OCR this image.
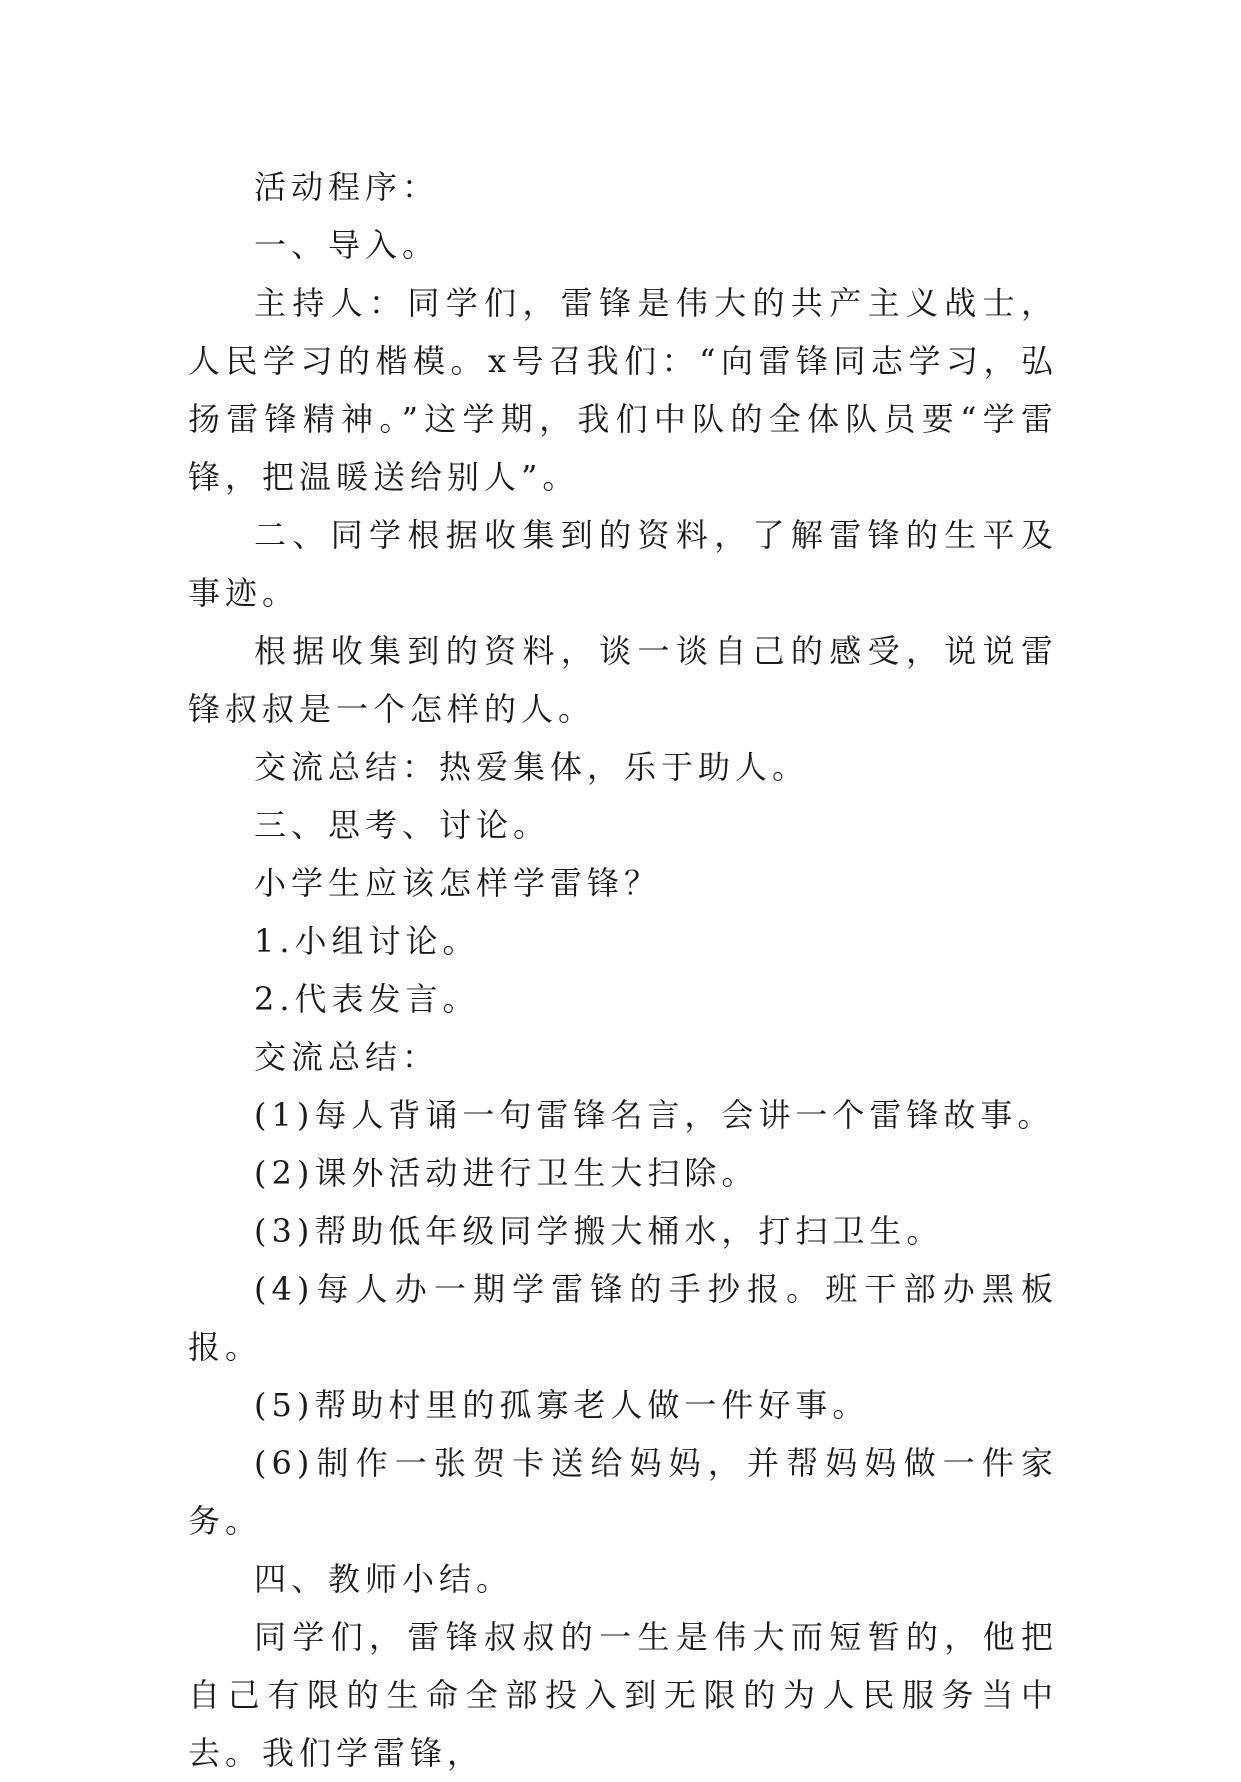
活动程序：

一、导入。

主持人：同学们，雷锋是伟大的共产主义战士，人民学习的楷模。x号召我们：“向雷锋同志学习，弘扬雷锋精神。”这学期，我们中队的全体队员要“学雷锋，把温暖送给别人”。

二、同学根据收集到的资料，了解雷锋的生平及事迹。

根据收集到的资料，谈一谈自己的感受，说说雷锋叔叔是一个怎样的人。

交流总结：热爱集体，乐于助人。

三、思考、讨论。

小学生应该怎样学雷锋？

1.小组讨论。

2.代表发言。

交流总结：

(1)每人背诵一句雷锋名言，会讲一个雷锋故事。

(2)课外活动进行卫生大扫除。

(3)帮助低年级同学搬大桶水，打扫卫生。

(4)每人办一期学雷锋的手抄报。班干部办黑板报。

(5)帮助村里的孤寡老人做一件好事。

(6)制作一张贺卡送给妈妈，并帮妈妈做一件家务。

四、教师小结。

同学们，雷锋叔叔的一生是伟大而短暂的，他把自己有限的生命全部投入到无限的为人民服务当中去。我们学雷锋，
